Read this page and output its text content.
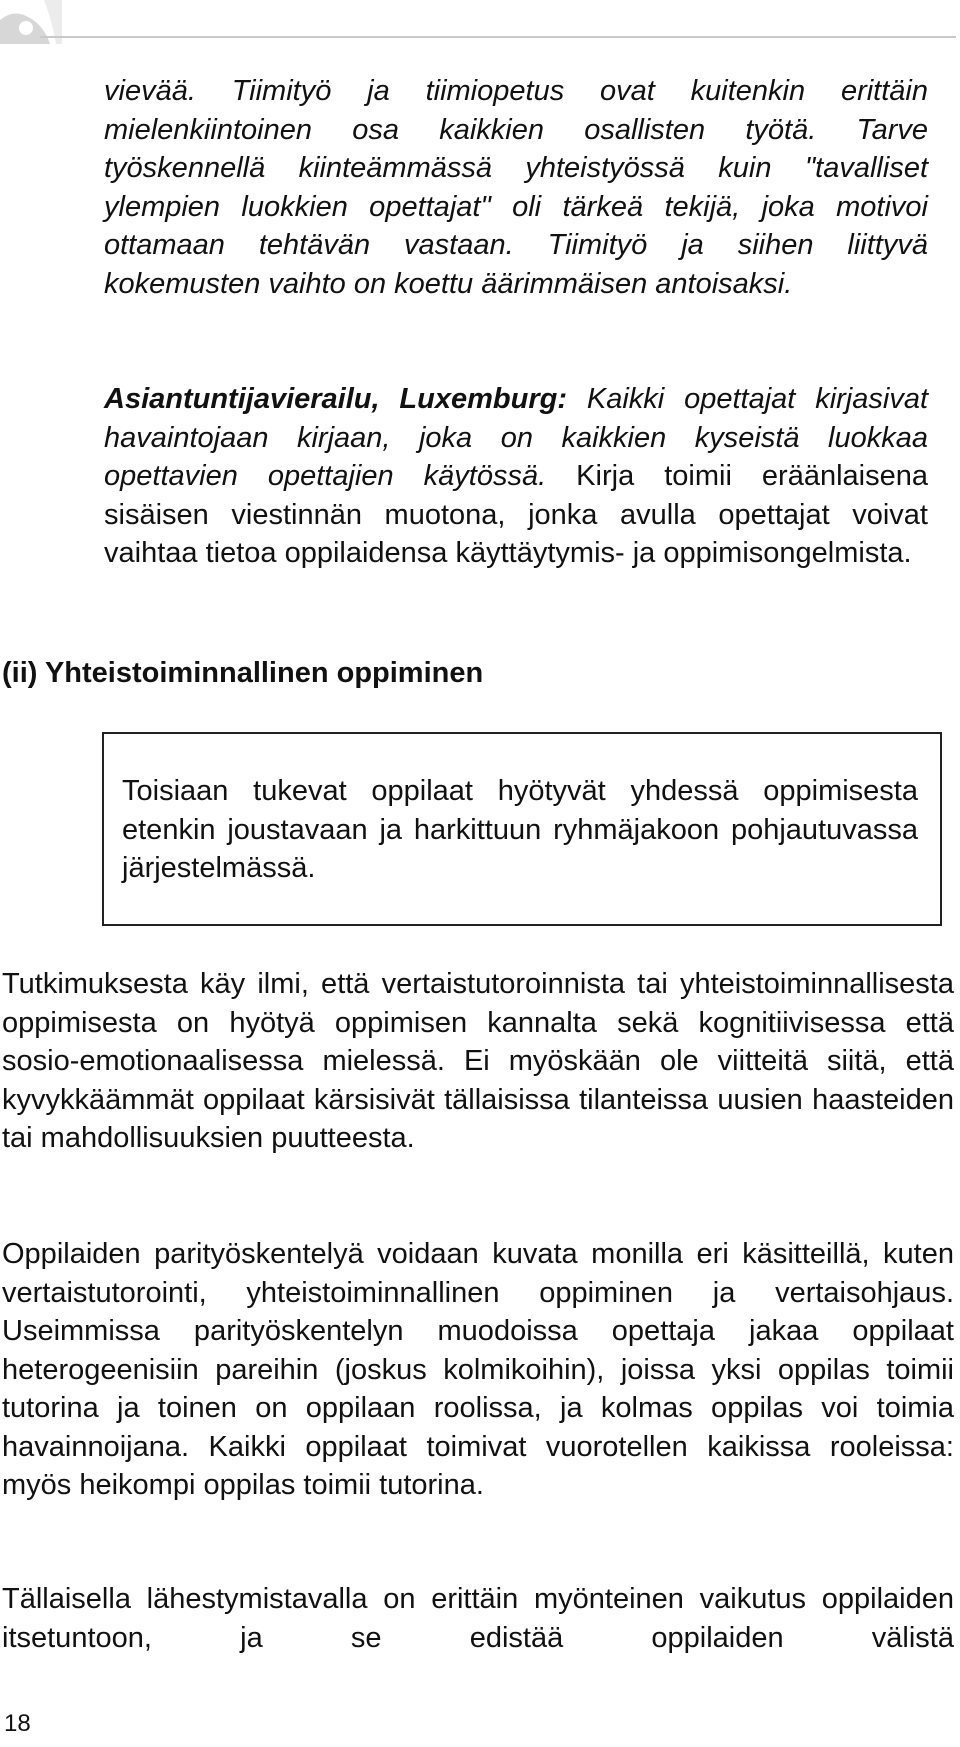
vievää. Tiimityö ja tiimiopetus ovat kuitenkin erittäin mielenkiintoinen osa kaikkien osallisten työtä. Tarve työskennellä kiinteämmässä yhteistyössä kuin "tavalliset ylempien luokkien opettajat" oli tärkeä tekijä, joka motivoi ottamaan tehtävän vastaan. Tiimityö ja siihen liittyvä kokemusten vaihto on koettu äärimmäisen antoisaksi.

Asiantuntijavierailu, Luxemburg: Kaikki opettajat kirjasivat havaintojaan kirjaan, joka on kaikkien kyseistä luokkaa opettavien opettajien käytössä. Kirja toimii eräänlaisena sisäisen viestinnän muotona, jonka avulla opettajat voivat vaihtaa tietoa oppilaidensa käyttäytymis- ja oppimisongelmista.

(ii) Yhteistoiminnallinen oppiminen

Toisiaan tukevat oppilaat hyötyvät yhdessä oppimisesta etenkin joustavaan ja harkittuun ryhmäjakoon pohjautuvassa järjestelmässä.

Tutkimuksesta käy ilmi, että vertaistutoroinnista tai yhteistoiminnallisesta oppimisesta on hyötyä oppimisen kannalta sekä kognitiivisessa että sosio-emotionaalisessa mielessä. Ei myöskään ole viitteitä siitä, että kyvykkäämmät oppilaat kärsisivät tällaisissa tilanteissa uusien haasteiden tai mahdollisuuksien puutteesta.

Oppilaiden parityöskentelyä voidaan kuvata monilla eri käsitteillä, kuten vertaistutorointi, yhteistoiminnallinen oppiminen ja vertaisohjaus. Useimmissa parityöskentelyn muodoissa opettaja jakaa oppilaat heterogeenisiin pareihin (joskus kolmikoihin), joissa yksi oppilas toimii tutorina ja toinen on oppilaan roolissa, ja kolmas oppilas voi toimia havainnoijana. Kaikki oppilaat toimivat vuorotellen kaikissa rooleissa: myös heikompi oppilas toimii tutorina.

Tällaisella lähestymistavalla on erittäin myönteinen vaikutus oppilaiden itsetuntoon, ja se edistää oppilaiden välistä

18
